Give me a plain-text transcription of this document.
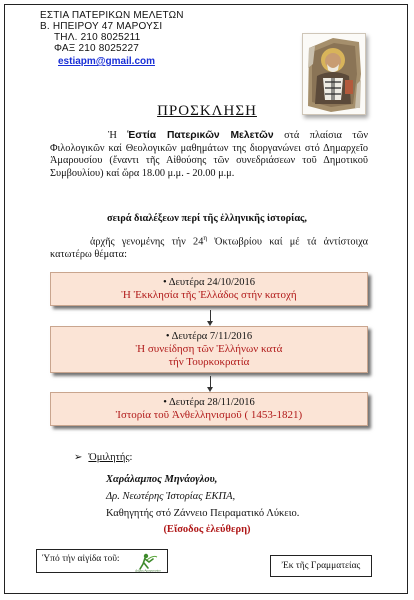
ΕΣΤΙΑ ΠΑΤΕΡΙΚΩΝ ΜΕΛΕΤΩΝ
Β. ΗΠΕΙΡΟΥ 47 ΜΑΡΟΥΣΙ
ΤΗΛ. 210 8025211
ΦΑΞ 210 8025227
estiapm@gmail.com
ΠΡΟΣΚΛΗΣΗ
Ἡ Ἑστία Πατερικῶν Μελετῶν στά πλαίσια τῶν Φιλολογικῶν καί Θεολογικῶν μαθημάτων της διοργανώνει στό Δημαρχεῖο Ἀμαρουσίου (ἔναντι τῆς Αἰθούσης τῶν συνεδριάσεων τοῦ Δημοτικοῦ Συμβουλίου) καί ὥρα 18.00 μ.μ. - 20.00 μ.μ.
σειρά διαλέξεων περί τῆς ἑλληνικῆς ἱστορίας,
ἀρχῆς γενομένης τήν $24^\eta$ Ὀκτωβρίου καί μέ τά ἀντίστοιχα κατωτέρω θέματα:
• Δευτέρα 24/10/2016
Ἡ Ἐκκλησία τῆς Ἑλλάδος στήν κατοχή
• Δευτέρα 7/11/2016
Ἡ συνείδηση τῶν Ἑλλήνων κατά
τήν Τουρκοκρατία
• Δευτέρα 28/11/2016
Ἱστορία τοῦ Ἀνθελληνισμοῦ ( 1453-1821)
➢ Ὁμιλητής:
Χαράλαμπος Μηνάογλου,
Δρ. Νεωτέρης Ἱστορίας ΕΚΠΑ,
Καθηγητής στό Ζάννειο Πειραματικό Λύκειο.
(Εἴσοδος ἐλεύθερη)
Ὑπό τήν αἰγίδα τοῦ:
Δήμος Αμαρουσίου	Ἐκ τῆς Γραμματείας
